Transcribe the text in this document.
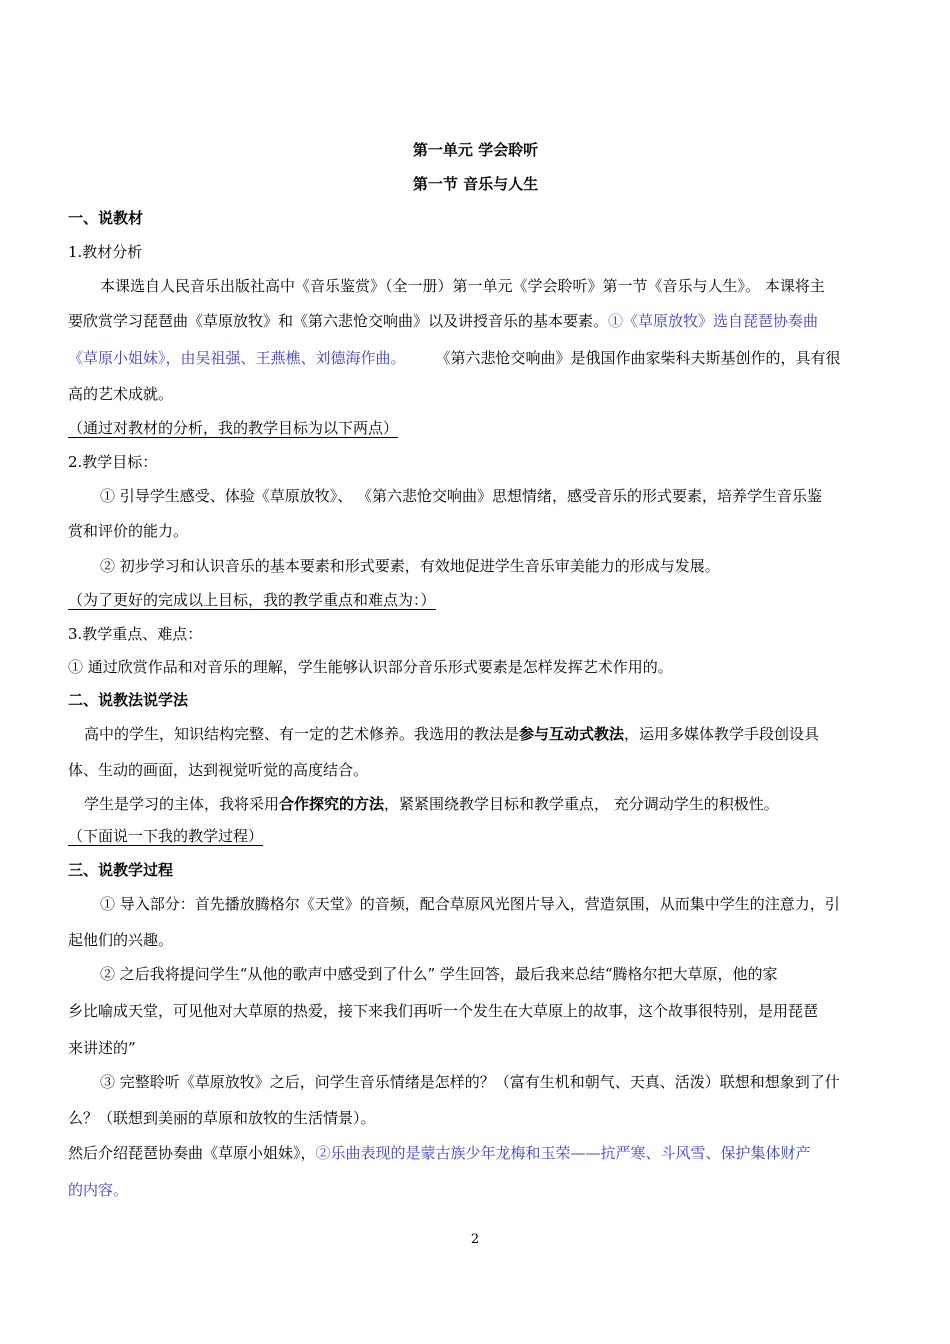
第一单元 学会聆听
第一节 音乐与人生
一、说教材
1.教材分析
本课选自人民音乐出版社高中《音乐鉴赏》（全一册）第一单元《学会聆听》第一节《音乐与人生》。 本课将主
要欣赏学习琵琶曲《草原放牧》和《第六悲怆交响曲》以及讲授音乐的基本要素。①《草原放牧》选自琵琶协奏曲
《草原小姐妹》，由吴祖强、王燕樵、刘德海作曲。 《第六悲怆交响曲》是俄国作曲家柴科夫斯基创作的，具有很
高的艺术成就。
（通过对教材的分析，我的教学目标为以下两点）
2.教学目标：
① 引导学生感受、体验《草原放牧》、 《第六悲怆交响曲》思想情绪，感受音乐的形式要素，培养学生音乐鉴
赏和评价的能力。
② 初步学习和认识音乐的基本要素和形式要素，有效地促进学生音乐审美能力的形成与发展。
（为了更好的完成以上目标，我的教学重点和难点为：）
3.教学重点、难点：
① 通过欣赏作品和对音乐的理解，学生能够认识部分音乐形式要素是怎样发挥艺术作用的。
二、说教法说学法
高中的学生，知识结构完整、有一定的艺术修养。我选用的教法是参与互动式教法，运用多媒体教学手段创设具
体、生动的画面，达到视觉听觉的高度结合。
学生是学习的主体，我将采用合作探究的方法，紧紧围绕教学目标和教学重点， 充分调动学生的积极性。
（下面说一下我的教学过程）
三、说教学过程
① 导入部分：首先播放腾格尔《天堂》的音频，配合草原风光图片导入，营造氛围，从而集中学生的注意力，引
起他们的兴趣。
② 之后我将提问学生“从他的歌声中感受到了什么” 学生回答，最后我来总结“腾格尔把大草原，他的家
乡比喻成天堂，可见他对大草原的热爱，接下来我们再听一个发生在大草原上的故事，这个故事很特别，是用琵琶
来讲述的”
③ 完整聆听《草原放牧》之后，问学生音乐情绪是怎样的？（富有生机和朝气、天真、活泼）联想和想象到了什
么？（联想到美丽的草原和放牧的生活情景）。
然后介绍琵琶协奏曲《草原小姐妹》，②乐曲表现的是蒙古族少年龙梅和玉荣——抗严寒、斗风雪、保护集体财产
的内容。
2
